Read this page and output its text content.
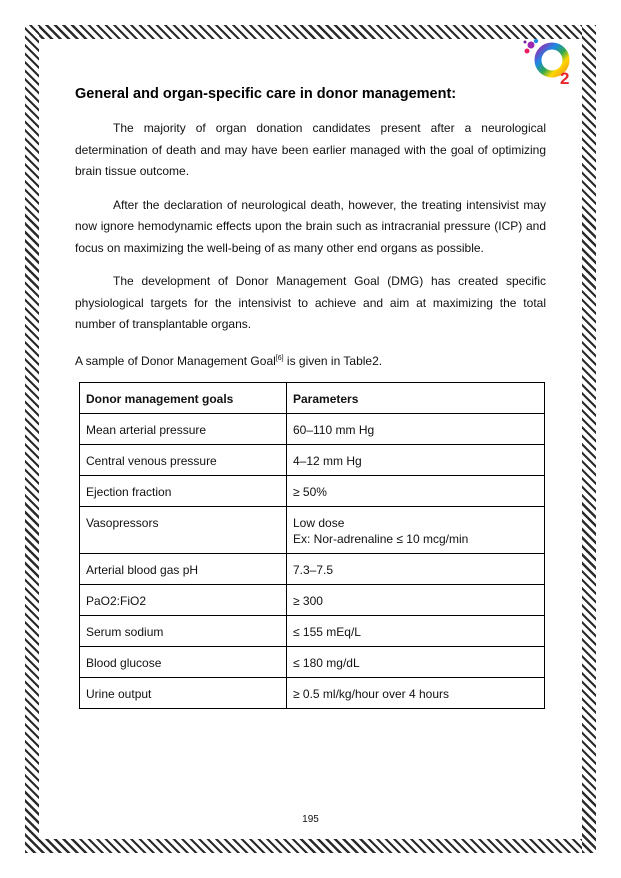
2
General and organ-specific care in donor management:

The majority of organ donation candidates present after a neurological determination of death and may have been earlier managed with the goal of optimizing brain tissue outcome.

After the declaration of neurological death, however, the treating intensivist may now ignore hemodynamic effects upon the brain such as intracranial pressure (ICP) and focus on maximizing the well-being of as many other end organs as possible.

The development of Donor Management Goal (DMG) has created specific physiological targets for the intensivist to achieve and aim at maximizing the total number of transplantable organs.

A sample of Donor Management Goal[6] is given in Table2.

Donor management goals	Parameters
Mean arterial pressure	60–110 mm Hg
Central venous pressure	4–12 mm Hg
Ejection fraction	≥ 50%
Vasopressors	Low dose
Ex: Nor-adrenaline ≤ 10 mcg/min

Arterial blood gas pH	7.3–7.5
PaO2:FiO2	≥ 300
Serum sodium	≤ 155 mEq/L
Blood glucose	≤ 180 mg/dL
Urine output	≥ 0.5 ml/kg/hour over 4 hours
195
